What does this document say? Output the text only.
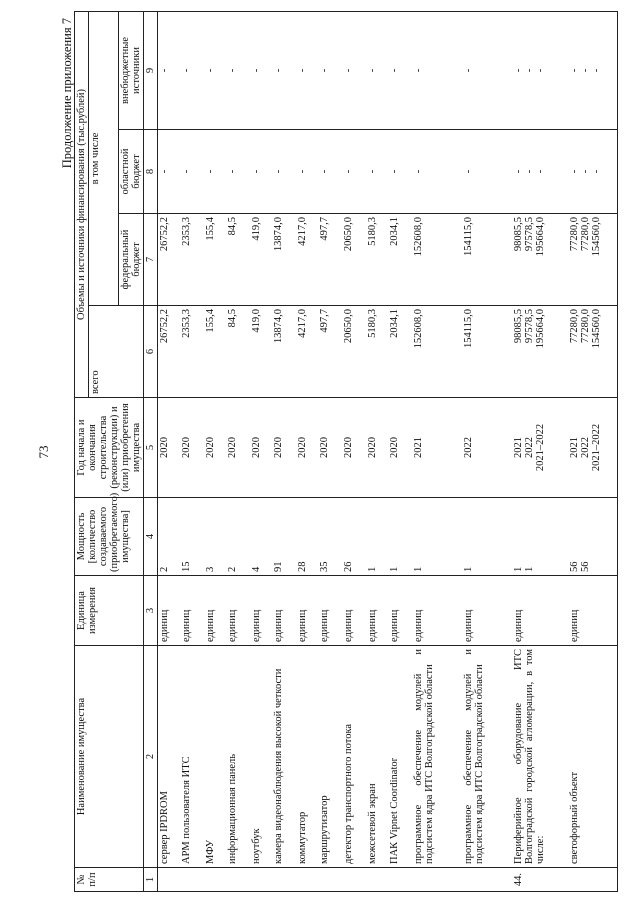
73
Продолжение приложения 7
№ п/п	Наименование имущества	Единица измерения	Мощность [количество создаваемого (приобретаемого) имущества]	Год начала и окончания строительства (реконструкции) и (или) приобретения имущества	Объемы и источники финансирования (тыс.рублей)			
					всего	в том числе		
						федеральный бюджет	областной бюджет	внебюджетные источники
1	2	3	4	5	6	7	8	9

	сервер IPDROM	единиц	2	2020	26752,2	26752,2	-	-

	АРМ пользователя ИТС	единиц	15	2020	2353,3	2353,3	-	-

	МФУ	единиц	3	2020	155,4	155,4	-	-

	информационная панель	единиц	2	2020	84,5	84,5	-	-

	ноутбук	единиц	4	2020	419,0	419,0	-	-

	камера видеонаблюдения высокой четкости	единиц	91	2020	13874,0	13874,0	-	-

	коммутатор	единиц	28	2020	4217,0	4217,0	-	-

	маршрутизатор	единиц	35	2020	497,7	497,7	-	-

	детектор транспортного потока	единиц	26	2020	20650,0	20650,0	-	-

	межсетевой экран	единиц	1	2020	5180,3	5180,3	-	-

	ПАК Vipnet Coordinator	единиц	1	2020	2034,1	2034,1	-	-

	программное обеспечение модулей и подсистем ядра ИТС Волгоградской области	единиц	1	2021	152608,0	152608,0	-	-

	программное обеспечение модулей и подсистем ядра ИТС Волгоградской области	единиц	1	2022	154115,0	154115,0	-	-

44.	Периферийное оборудование ИТС Волгоградской городской агломерации, в том числе:	единиц	1 1	2021 2022 2021–2022	98085,5 97578,5 195664,0	98085,5 97578,5 195664,0	- - -	- - -

	светофорный объект	единиц	56 56	2021 2022 2021–2022	77280,0 77280,0 154560,0	77280,0 77280,0 154560,0	- - -	- - -
